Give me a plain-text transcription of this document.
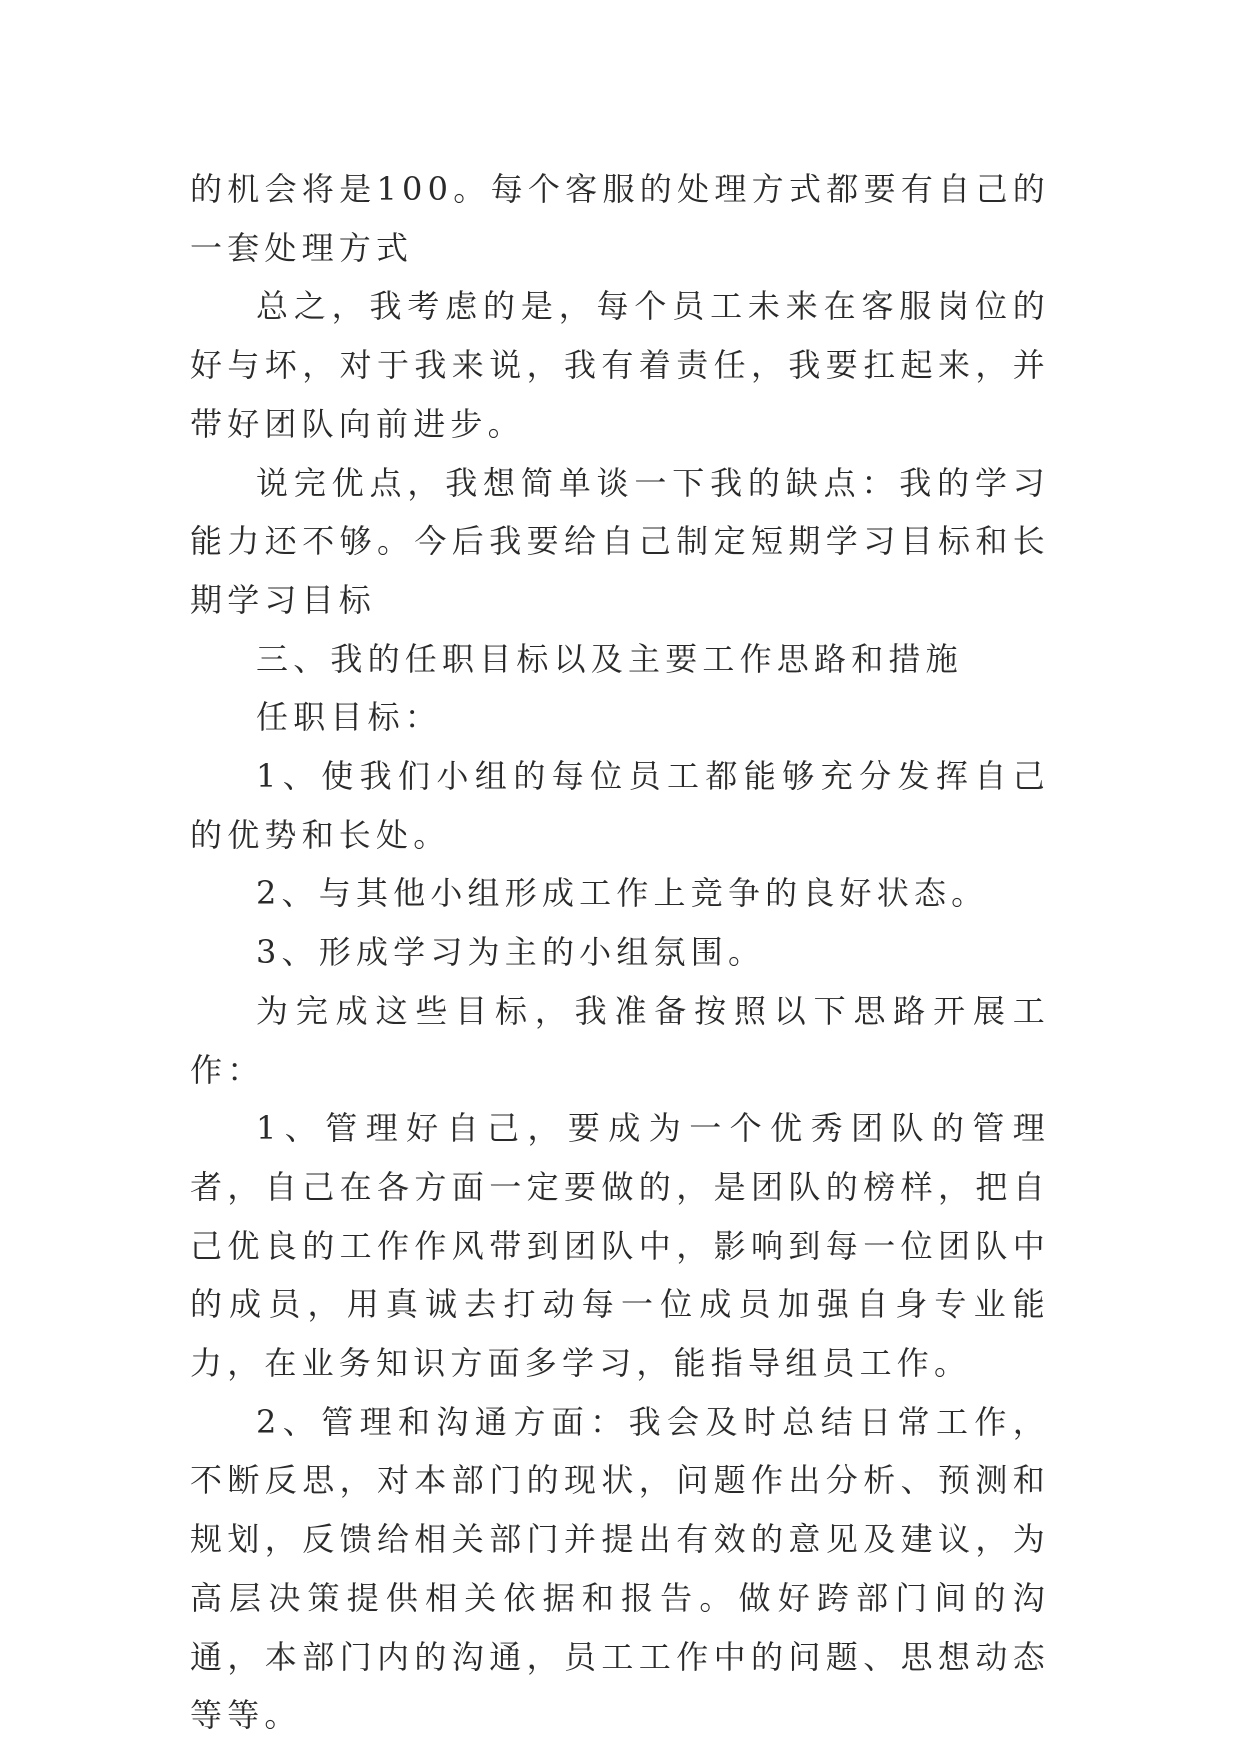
的机会将是100。每个客服的处理方式都要有自己的一套处理方式

总之，我考虑的是，每个员工未来在客服岗位的好与坏，对于我来说，我有着责任，我要扛起来，并带好团队向前进步。

说完优点，我想简单谈一下我的缺点：我的学习能力还不够。今后我要给自己制定短期学习目标和长期学习目标

三、我的任职目标以及主要工作思路和措施

任职目标：

1、使我们小组的每位员工都能够充分发挥自己的优势和长处。

2、与其他小组形成工作上竞争的良好状态。

3、形成学习为主的小组氛围。

为完成这些目标，我准备按照以下思路开展工作：

1、管理好自己，要成为一个优秀团队的管理者，自己在各方面一定要做的，是团队的榜样，把自己优良的工作作风带到团队中，影响到每一位团队中的成员，用真诚去打动每一位成员加强自身专业能力，在业务知识方面多学习，能指导组员工作。

2、管理和沟通方面：我会及时总结日常工作，不断反思，对本部门的现状，问题作出分析、预测和规划，反馈给相关部门并提出有效的意见及建议，为高层决策提供相关依据和报告。做好跨部门间的沟通，本部门内的沟通，员工工作中的问题、思想动态等等。
